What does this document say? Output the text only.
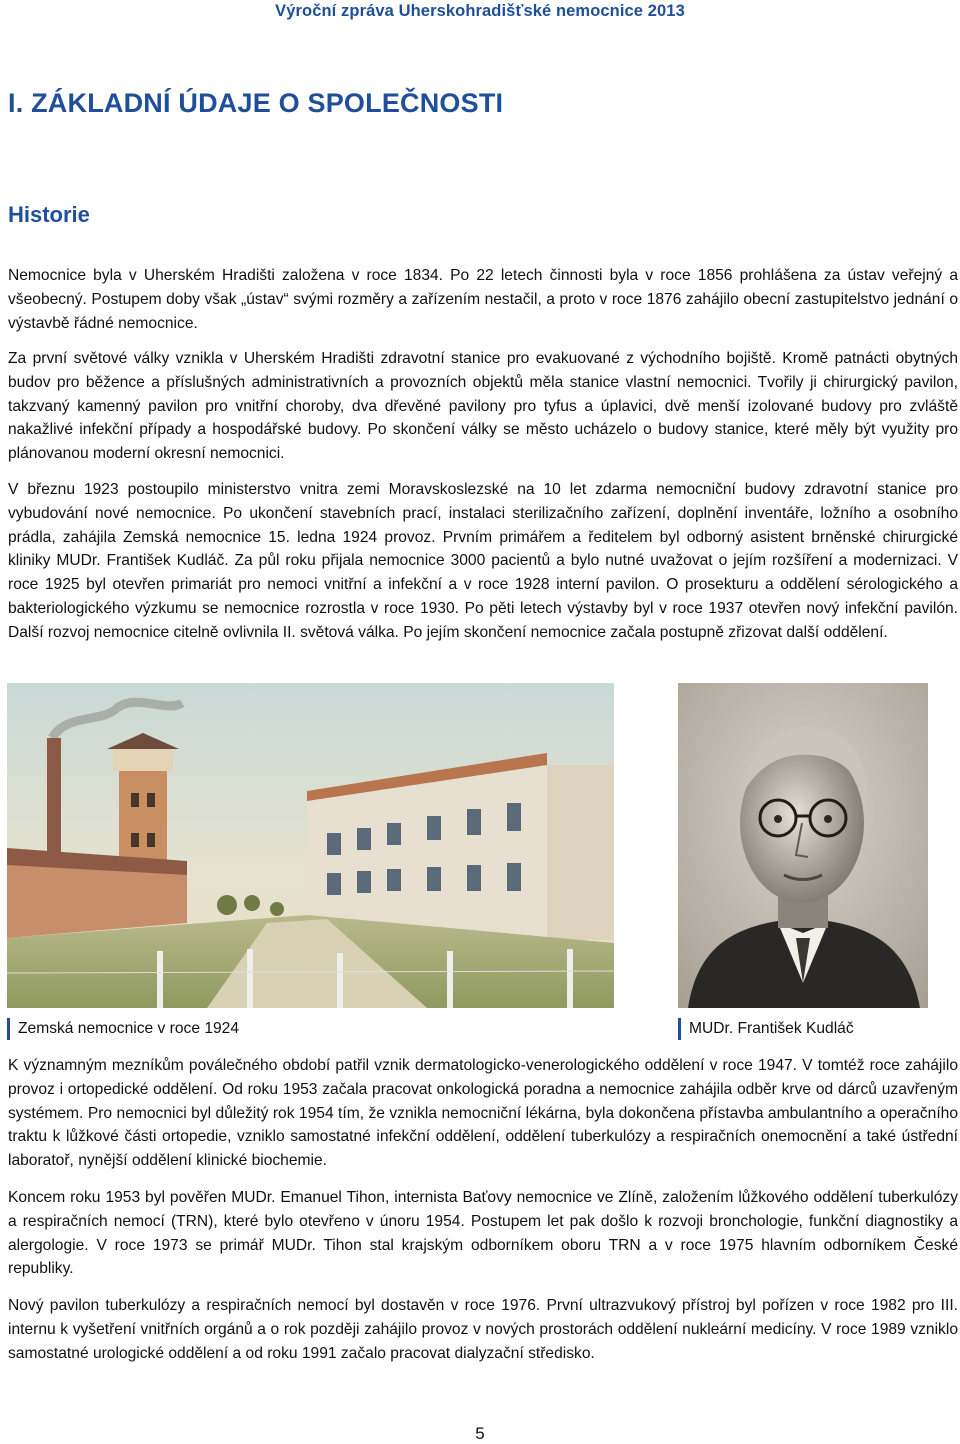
Výroční zpráva Uherskohradišťské nemocnice 2013
I. ZÁKLADNÍ ÚDAJE O SPOLEČNOSTI
Historie

Nemocnice byla v Uherském Hradišti založena v roce 1834. Po 22 letech činnosti byla v roce 1856 prohlášena za ústav veřejný a všeobecný. Postupem doby však „ústav“ svými rozměry a zařízením nestačil, a proto v roce 1876 zahájilo obecní zastupitelstvo jednání o výstavbě řádné nemocnice.

Za první světové války vznikla v Uherském Hradišti zdravotní stanice pro evakuované z východního bojiště. Kromě patnácti obytných budov pro běžence a příslušných administrativních a provozních objektů měla stanice vlastní nemocnici. Tvořily ji chirurgický pavilon, takzvaný kamenný pavilon pro vnitřní choroby, dva dřevěné pavilony pro tyfus a úplavici, dvě menší izolované budovy pro zvláště nakažlivé infekční případy a hospodářské budovy. Po skončení války se město ucházelo o budovy stanice, které měly být využity pro plánovanou moderní okresní nemocnici.

V březnu 1923 postoupilo ministerstvo vnitra zemi Moravskoslezské na 10 let zdarma nemocniční budovy zdravotní stanice pro vybudování nové nemocnice. Po ukončení stavebních prací, instalaci sterilizačního zařízení, doplnění inventáře, ložního a osobního prádla, zahájila Zemská nemocnice 15. ledna 1924 provoz. Prvním primářem a ředitelem byl odborný asistent brněnské chirurgické kliniky MUDr. František Kudláč. Za půl roku přijala nemocnice 3000 pacientů a bylo nutné uvažovat o jejím rozšíření a modernizaci. V roce 1925 byl otevřen primariát pro nemoci vnitřní a infekční a v roce 1928 interní pavilon. O prosekturu a oddělení sérologického a bakteriologického výzkumu se nemocnice rozrostla v roce 1930. Po pěti letech výstavby byl v roce 1937 otevřen nový infekční pavilón. Další rozvoj nemocnice citelně ovlivnila II. světová válka. Po jejím skončení nemocnice začala postupně zřizovat další oddělení.

Zemská nemocnice v roce 1924	MUDr. František Kudláč

K významným mezníkům poválečného období patřil vznik dermatologicko-venerologického oddělení v roce 1947. V tomtéž roce zahájilo provoz i ortopedické oddělení. Od roku 1953 začala pracovat onkologická poradna a nemocnice zahájila odběr krve od dárců uzavřeným systémem. Pro nemocnici byl důležitý rok 1954 tím, že vznikla nemocniční lékárna, byla dokončena přístavba ambulantního a operačního traktu k lůžkové části ortopedie, vzniklo samostatné infekční oddělení, oddělení tuberkulózy a respiračních onemocnění a také ústřední laboratoř, nynější oddělení klinické biochemie.

Koncem roku 1953 byl pověřen MUDr. Emanuel Tihon, internista Baťovy nemocnice ve Zlíně, založením lůžkového oddělení tuberkulózy a respiračních nemocí (TRN), které bylo otevřeno v únoru 1954. Postupem let pak došlo k rozvoji bronchologie, funkční diagnostiky a alergologie. V roce 1973 se primář MUDr. Tihon stal krajským odborníkem oboru TRN a v roce 1975 hlavním odborníkem České republiky.

Nový pavilon tuberkulózy a respiračních nemocí byl dostavěn v roce 1976. První ultrazvukový přístroj byl pořízen v roce 1982 pro III. internu k vyšetření vnitřních orgánů a o rok později zahájilo provoz v nových prostorách oddělení nukleární medicíny. V roce 1989 vzniklo samostatné urologické oddělení a od roku 1991 začalo pracovat dialyzační středisko.

5
